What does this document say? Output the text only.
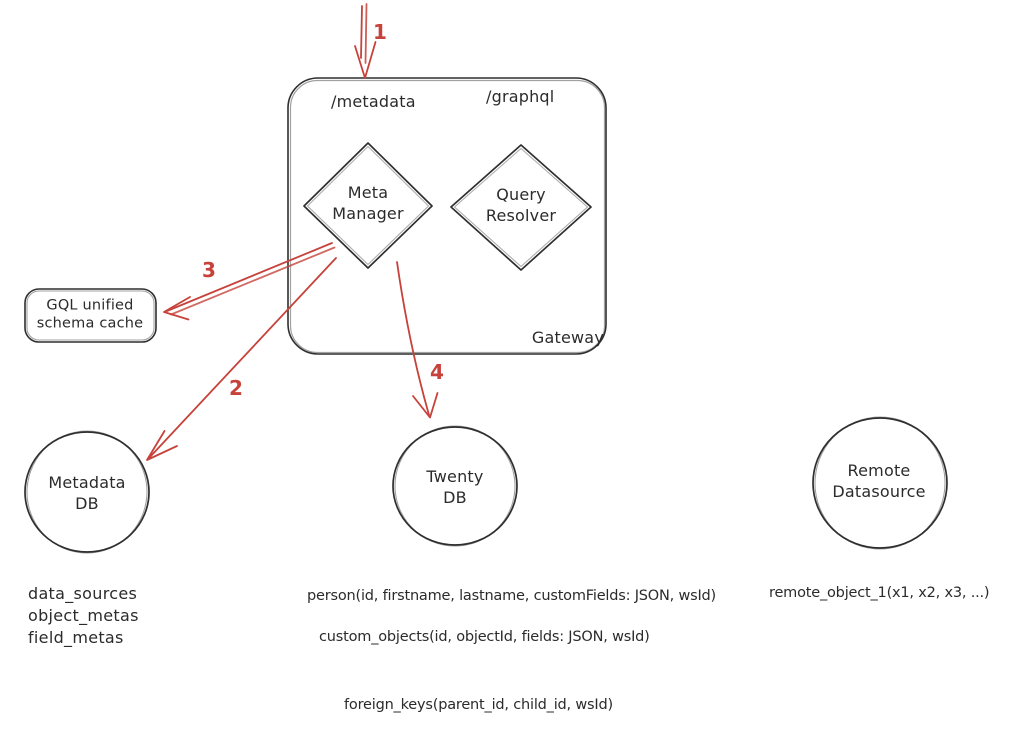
1
2
3
4
/metadata	/graphql
Gateway
Meta
Manager
Query
Resolver
GQL unified
schema cache
Metadata
DB
Twenty
DB
Remote
Datasource
data_sources
object_metas
field_metas
person(id, firstname, lastname, customFields: JSON, wsId)
custom_objects(id, objectId, fields: JSON, wsId)
foreign_keys(parent_id, child_id, wsId)
remote_object_1(x1, x2, x3, ...)
